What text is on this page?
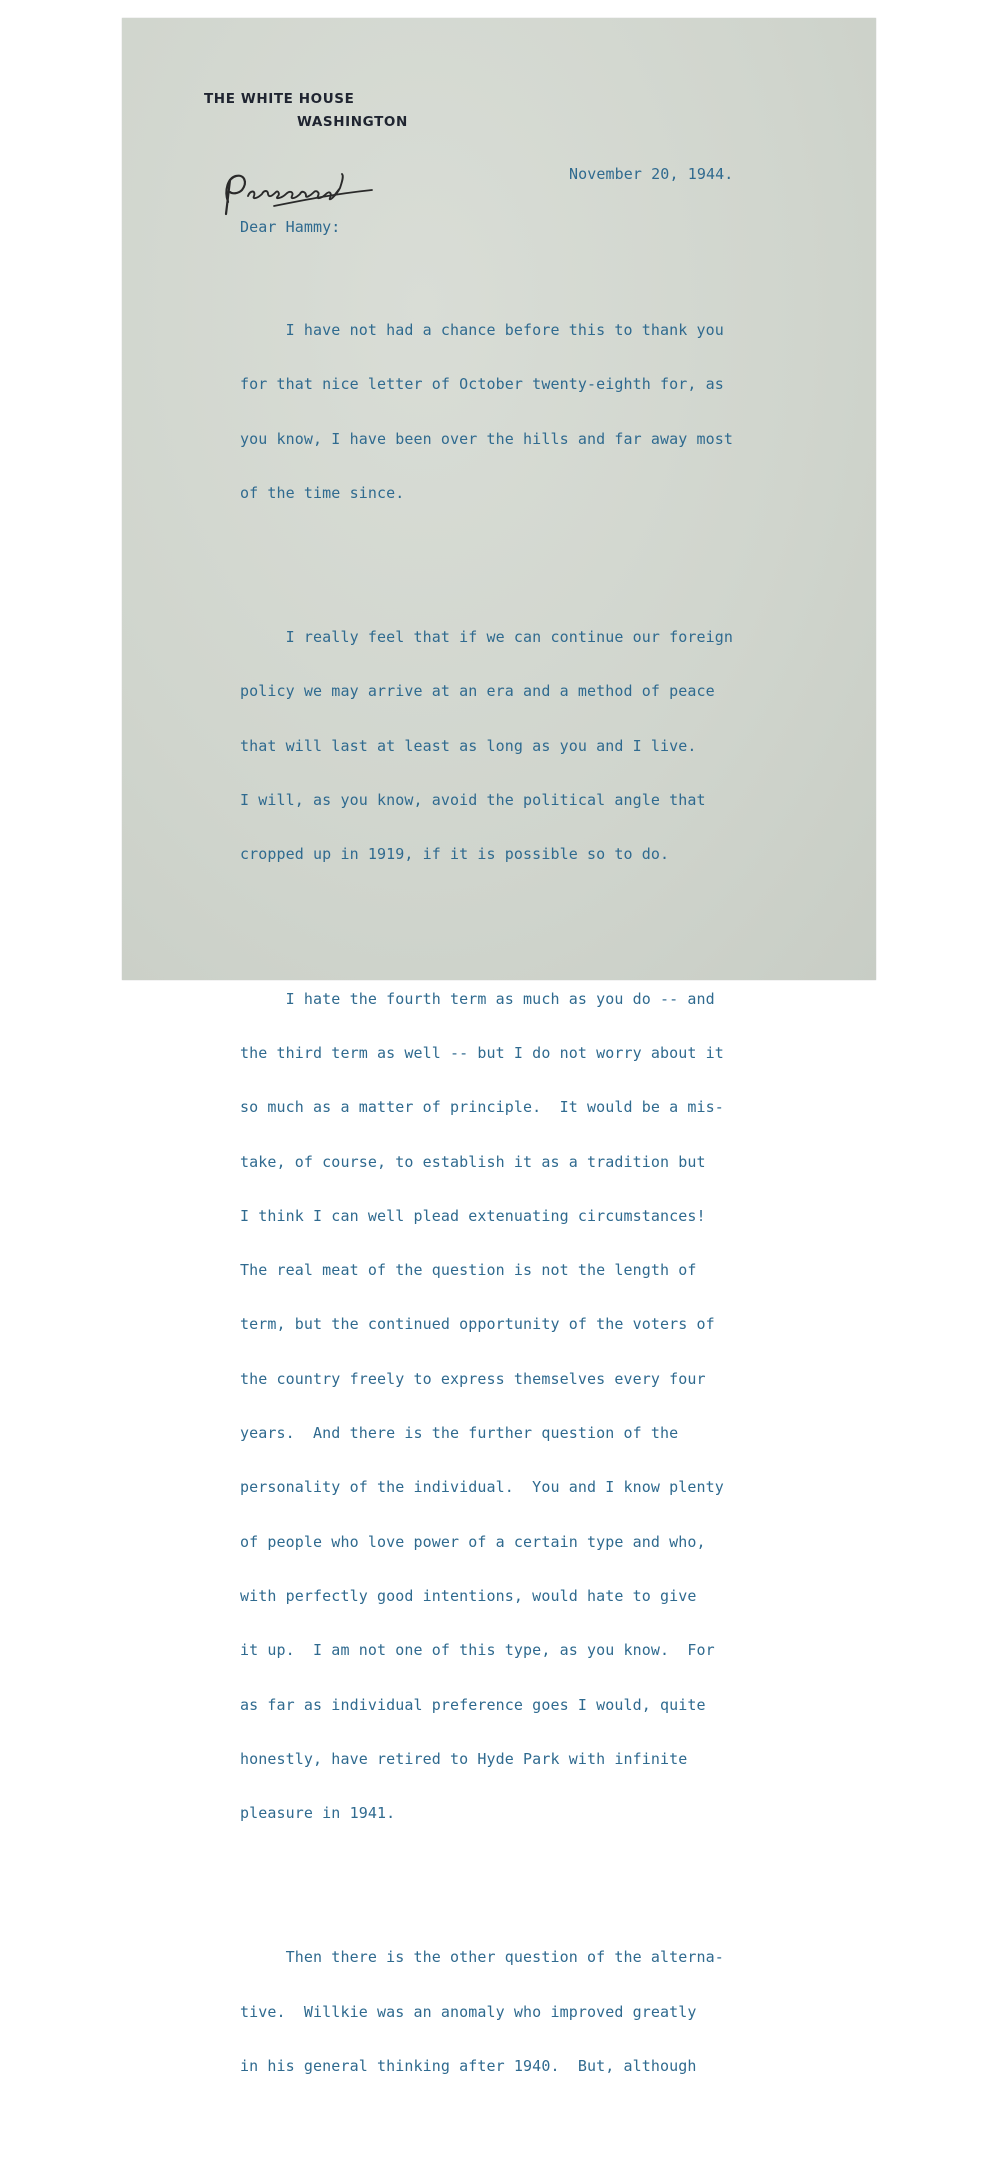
THE WHITE HOUSE
WASHINGTON
November 20, 1944.
Dear Hammy:

I have not had a chance before this to thank you

for that nice letter of October twenty-eighth for, as

you know, I have been over the hills and far away most

of the time since.

I really feel that if we can continue our foreign

policy we may arrive at an era and a method of peace

that will last at least as long as you and I live.

I will, as you know, avoid the political angle that

cropped up in 1919, if it is possible so to do.

I hate the fourth term as much as you do -- and

the third term as well -- but I do not worry about it

so much as a matter of principle.  It would be a mis-

take, of course, to establish it as a tradition but

I think I can well plead extenuating circumstances!

The real meat of the question is not the length of

term, but the continued opportunity of the voters of

the country freely to express themselves every four

years.  And there is the further question of the

personality of the individual.  You and I know plenty

of people who love power of a certain type and who,

with perfectly good intentions, would hate to give

it up.  I am not one of this type, as you know.  For

as far as individual preference goes I would, quite

honestly, have retired to Hyde Park with infinite

pleasure in 1941.

Then there is the other question of the alterna-

tive.  Willkie was an anomaly who improved greatly

in his general thinking after 1940.  But, although
